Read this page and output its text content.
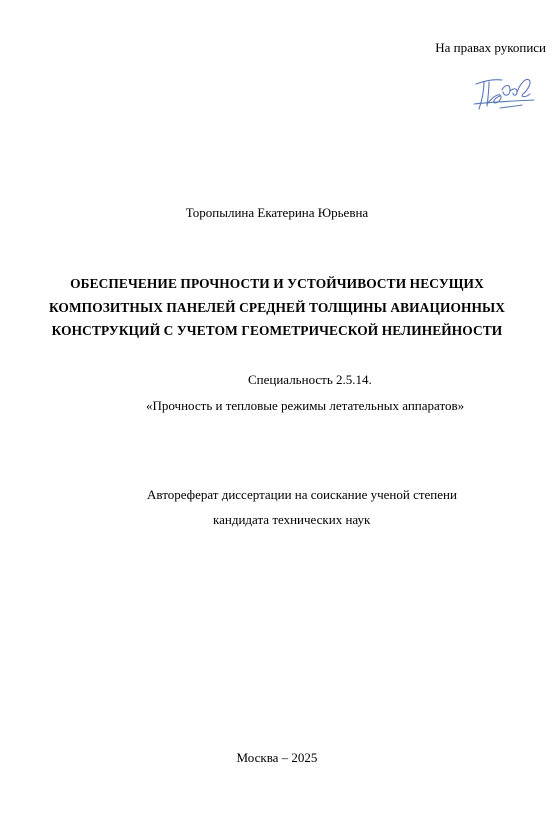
На правах рукописи
Торопылина Екатерина Юрьевна
ОБЕСПЕЧЕНИЕ ПРОЧНОСТИ И УСТОЙЧИВОСТИ НЕСУЩИХ
КОМПОЗИТНЫХ ПАНЕЛЕЙ СРЕДНЕЙ ТОЛЩИНЫ АВИАЦИОННЫХ
КОНСТРУКЦИЙ С УЧЕТОМ ГЕОМЕТРИЧЕСКОЙ НЕЛИНЕЙНОСТИ
Специальность 2.5.14.
«Прочность и тепловые режимы летательных аппаратов»
Автореферат диссертации на соискание ученой степени
кандидата технических наук
Москва – 2025
